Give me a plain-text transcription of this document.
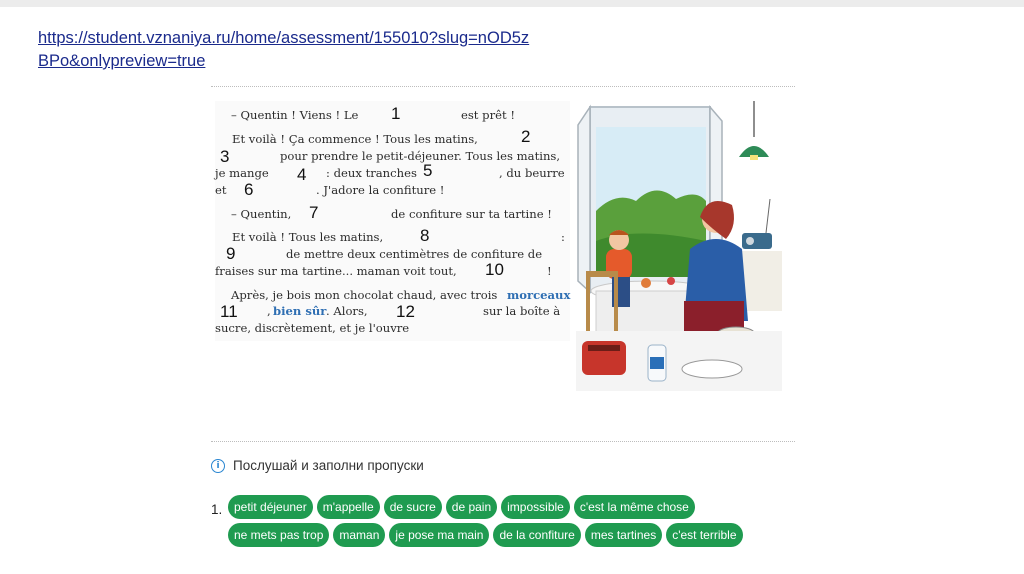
https://student.vznaniya.ru/home/assessment/155010?slug=nOD5zBPo&onlypreview=true
– Quentin ! Viens ! Le 1	est prêt !
Et voilà ! Ça commence ! Tous les matins,	2
3	pour prendre le petit-déjeuner. Tous les matins,
je mange 4 : deux tranches 5	, du beurre
et 6	. J'adore la confiture !
– Quentin, 7	de confiture sur ta tartine !
Et voilà ! Tous les matins, 8	:
9	de mettre deux centimètres de confiture de
fraises sur ma tartine... maman voit tout, 10	!
Après, je bois mon chocolat chaud, avec trois morceaux
11	bien sûr
,	. Alors, 12	sur la boîte à
sucre, discrètement, et je l'ouvre
i Послушай и заполни пропуски
1. petit déjeuner	m'appelle	de sucre	de pain	impossible	c'est la même chose
ne mets pas trop	maman	je pose ma main	de la confiture	mes tartines	c'est terrible
